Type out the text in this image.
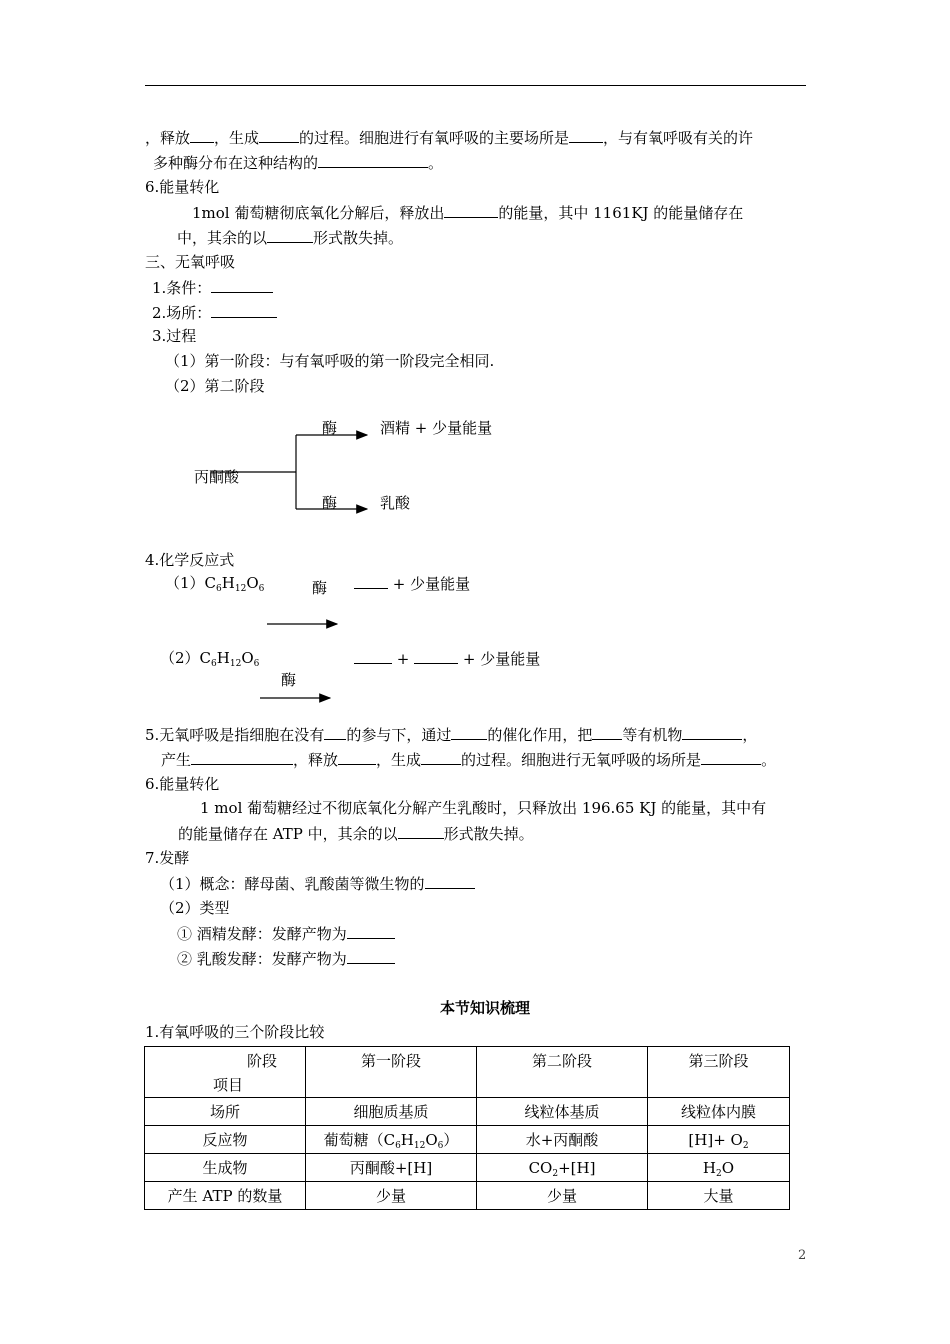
，释放 ，生成	的过程。细胞进行有氧呼吸的主要场所是 ，与有氧呼吸有关的许
多种酶分布在这种结构的	。
6.能量转化
1mol 葡萄糖彻底氧化分解后，释放出	的能量，其中 1161KJ 的能量储存在
中，其余的以	形式散失掉。
三、无氧呼吸
1.条件：
2.场所：
3.过程
（1）第一阶段：与有氧呼吸的第一阶段完全相同.
（2）第二阶段
丙酮酸
酶	酒精 + 少量能量
酶	乳酸
4.化学反应式
$(1)C_6H_{12}O_6$	酶	+ 少量能量
$(2)C_6H_{12}O_6$	+	+ 少量能量
酶
5.无氧呼吸是指细胞在没有 的参与下，通过 的催化作用，把 等有机物	，
产生	，释放	，生成	的过程。细胞进行无氧呼吸的场所是	。
6.能量转化
1 mol 葡萄糖经过不彻底氧化分解产生乳酸时，只释放出 196.65 KJ 的能量，其中有
的能量储存在 ATP 中，其余的以	形式散失掉。
7.发酵
（1）概念：酵母菌、乳酸菌等微生物的
（2）类型
① 酒精发酵：发酵产物为
② 乳酸发酵：发酵产物为
本节知识梳理
1.有氧呼吸的三个阶段比较
阶段
项目	第一阶段	第二阶段	第三阶段
场所	细胞质基质	线粒体基质	线粒体内膜
反应物	葡萄糖$(C_6H_{12}O_6)$	水+丙酮酸	$[H]+ O_2$
生成物	丙酮酸+[H]	$CO_2+[H]$	$H_2O$
产生 ATP 的数量	少量	少量	大量
2
